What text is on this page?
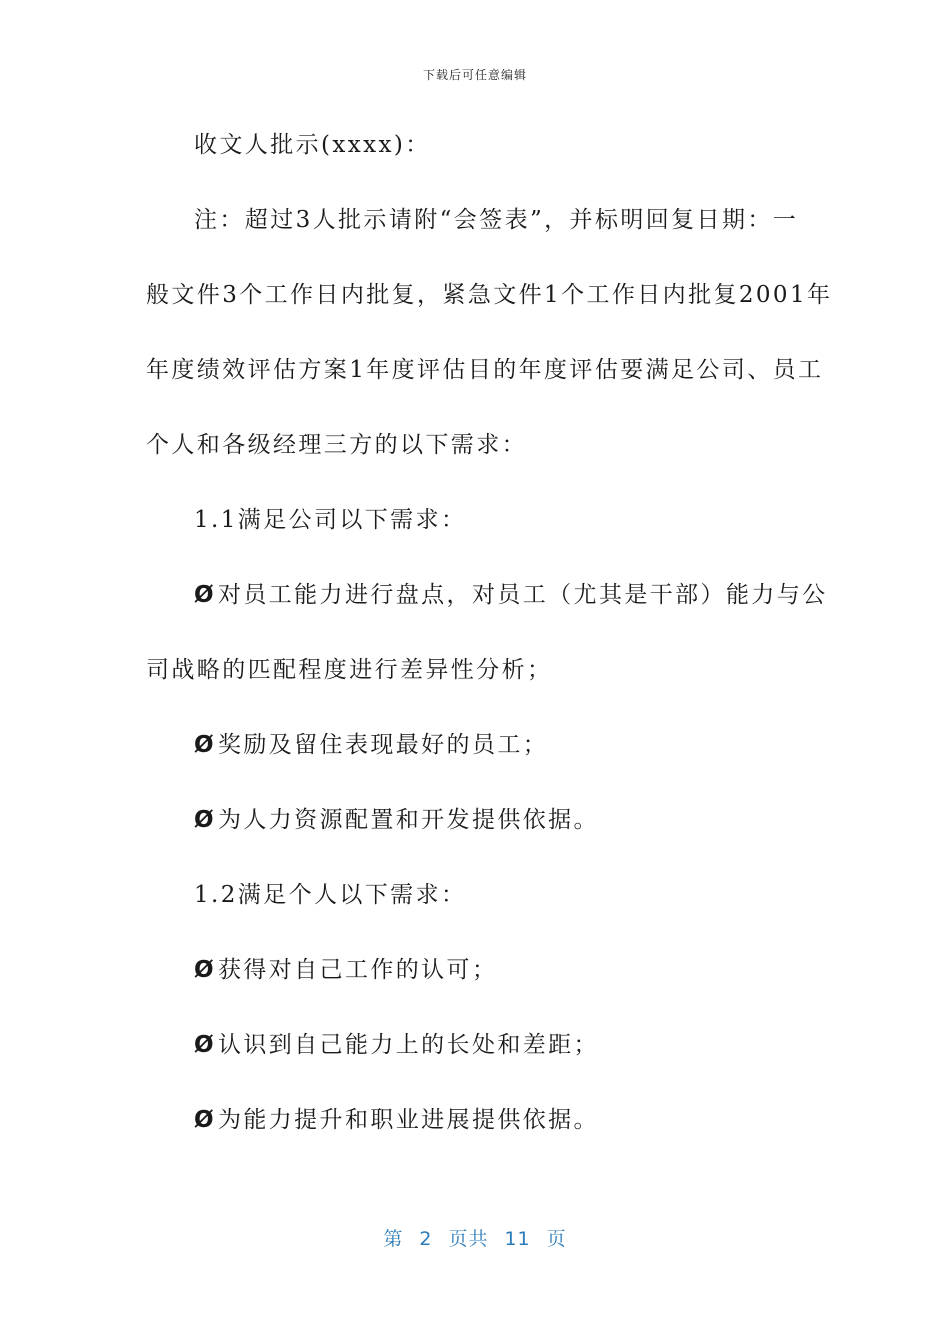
下载后可任意编辑
收文人批示(xxxx)：
注：超过3人批示请附“会签表”，并标明回复日期：一
般文件3个工作日内批复，紧急文件1个工作日内批复2001年
年度绩效评估方案1年度评估目的年度评估要满足公司、员工
个人和各级经理三方的以下需求：
1.1满足公司以下需求：
Ø对员工能力进行盘点，对员工（尤其是干部）能力与公
司战略的匹配程度进行差异性分析；
Ø奖励及留住表现最好的员工；
Ø为人力资源配置和开发提供依据。
1.2满足个人以下需求：
Ø获得对自己工作的认可；
Ø认识到自己能力上的长处和差距；
Ø为能力提升和职业进展提供依据。
第 2 页共 11 页
